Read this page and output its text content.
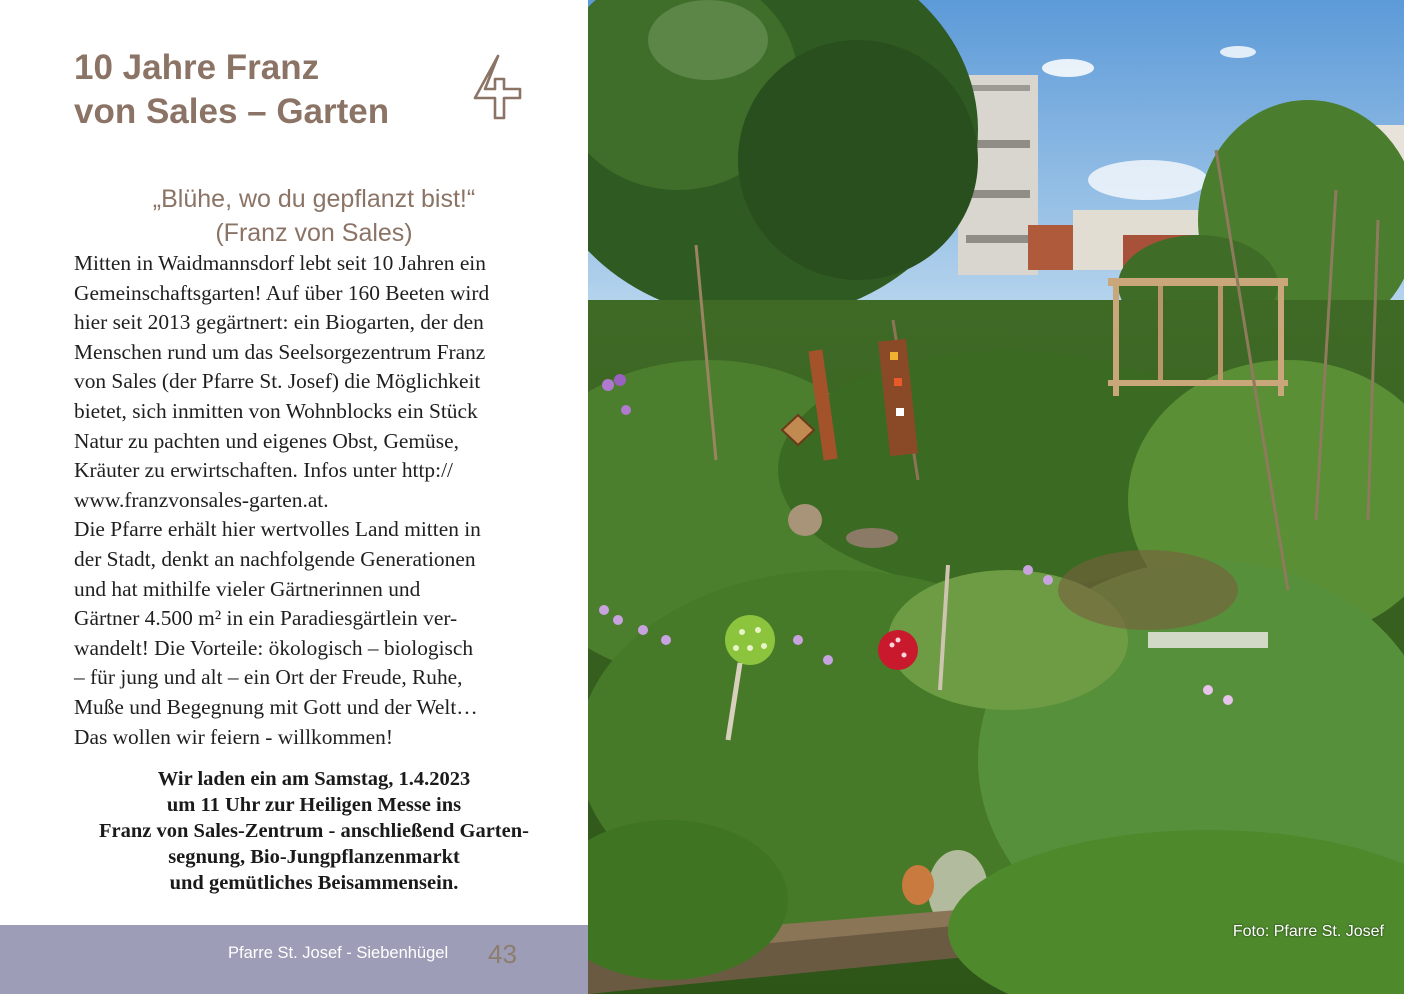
10 Jahre Franz
von Sales – Garten
„Blühe, wo du gepflanzt bist!“
(Franz von Sales)
Mitten in Waidmannsdorf lebt seit 10 Jahren ein
Gemeinschaftsgarten! Auf über 160 Beeten wird
hier seit 2013 gegärtnert: ein Biogarten, der den
Menschen rund um das Seelsorgezentrum Franz
von Sales (der Pfarre St. Josef) die Möglichkeit
bietet, sich inmitten von Wohnblocks ein Stück
Natur zu pachten und eigenes Obst, Gemüse,
Kräuter zu erwirtschaften. Infos unter http://
www.franzvonsales-garten.at.
Die Pfarre erhält hier wertvolles Land mitten in
der Stadt, denkt an nachfolgende Generationen
und hat mithilfe vieler Gärtnerinnen und
Gärtner 4.500 m² in ein Paradiesgärtlein ver-
wandelt! Die Vorteile: ökologisch – biologisch
– für jung und alt – ein Ort der Freude, Ruhe,
Muße und Begegnung mit Gott und der Welt…
Das wollen wir feiern - willkommen!
Wir laden ein am Samstag, 1.4.2023
um 11 Uhr zur Heiligen Messe ins
Franz von Sales-Zentrum - anschließend Garten-
segnung, Bio-Jungpflanzenmarkt
und gemütliches Beisammensein.
Pfarre St. Josef - Siebenhügel 43
Foto: Pfarre St. Josef
